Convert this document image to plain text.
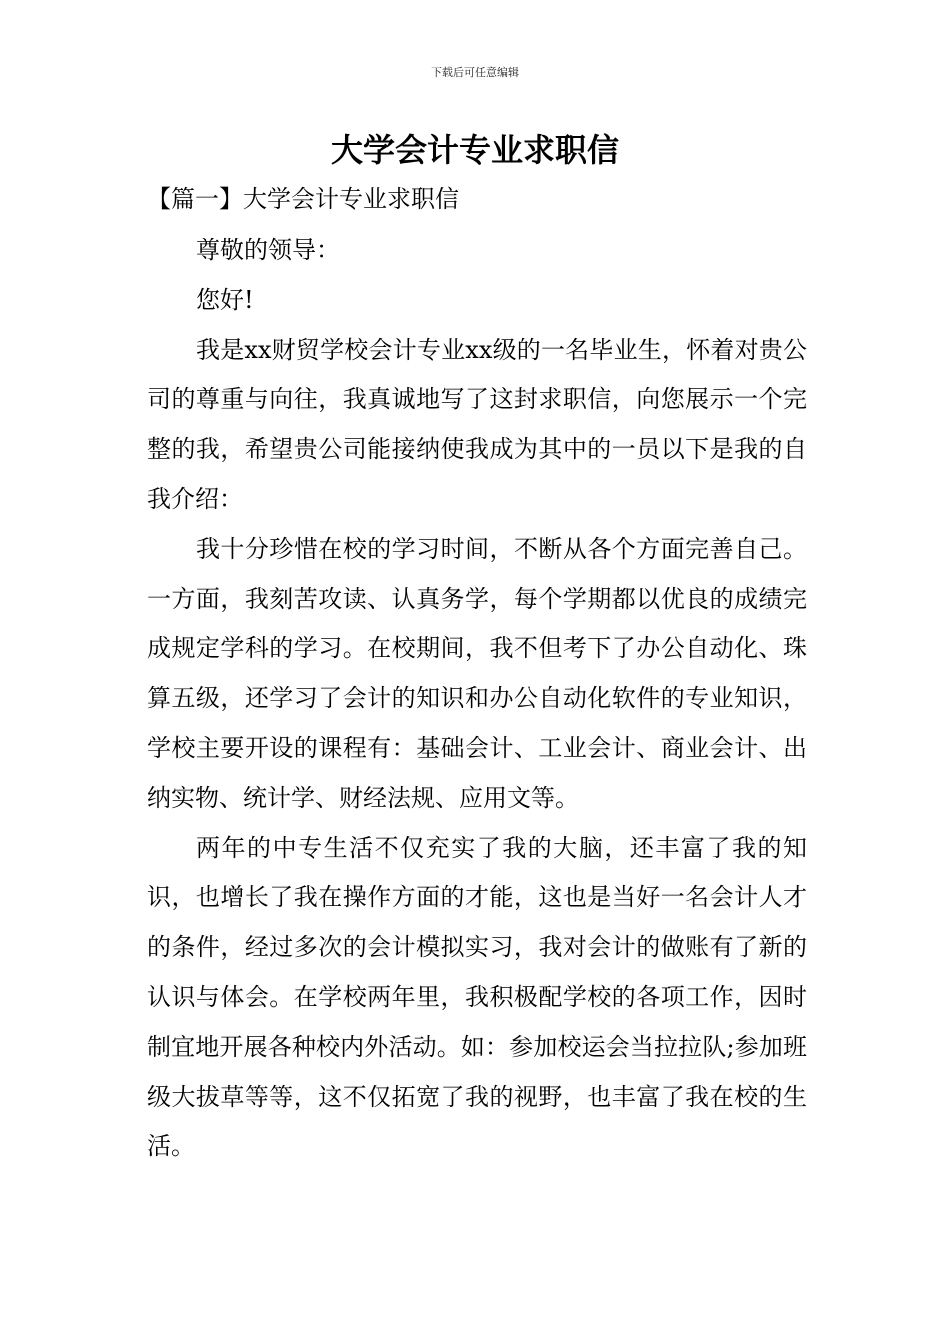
下载后可任意编辑
大学会计专业求职信

【篇一】大学会计专业求职信

尊敬的领导：

您好!

我是xx财贸学校会计专业xx级的一名毕业生，怀着对贵公司的尊重与向往，我真诚地写了这封求职信，向您展示一个完整的我，希望贵公司能接纳使我成为其中的一员以下是我的自我介绍：

我十分珍惜在校的学习时间，不断从各个方面完善自己。一方面，我刻苦攻读、认真务学，每个学期都以优良的成绩完成规定学科的学习。在校期间，我不但考下了办公自动化、珠算五级，还学习了会计的知识和办公自动化软件的专业知识，学校主要开设的课程有：基础会计、工业会计、商业会计、出纳实物、统计学、财经法规、应用文等。

两年的中专生活不仅充实了我的大脑，还丰富了我的知识，也增长了我在操作方面的才能，这也是当好一名会计人才的条件，经过多次的会计模拟实习，我对会计的做账有了新的认识与体会。在学校两年里，我积极配学校的各项工作，因时制宜地开展各种校内外活动。如：参加校运会当拉拉队;参加班级大拔草等等，这不仅拓宽了我的视野，也丰富了我在校的生活。
